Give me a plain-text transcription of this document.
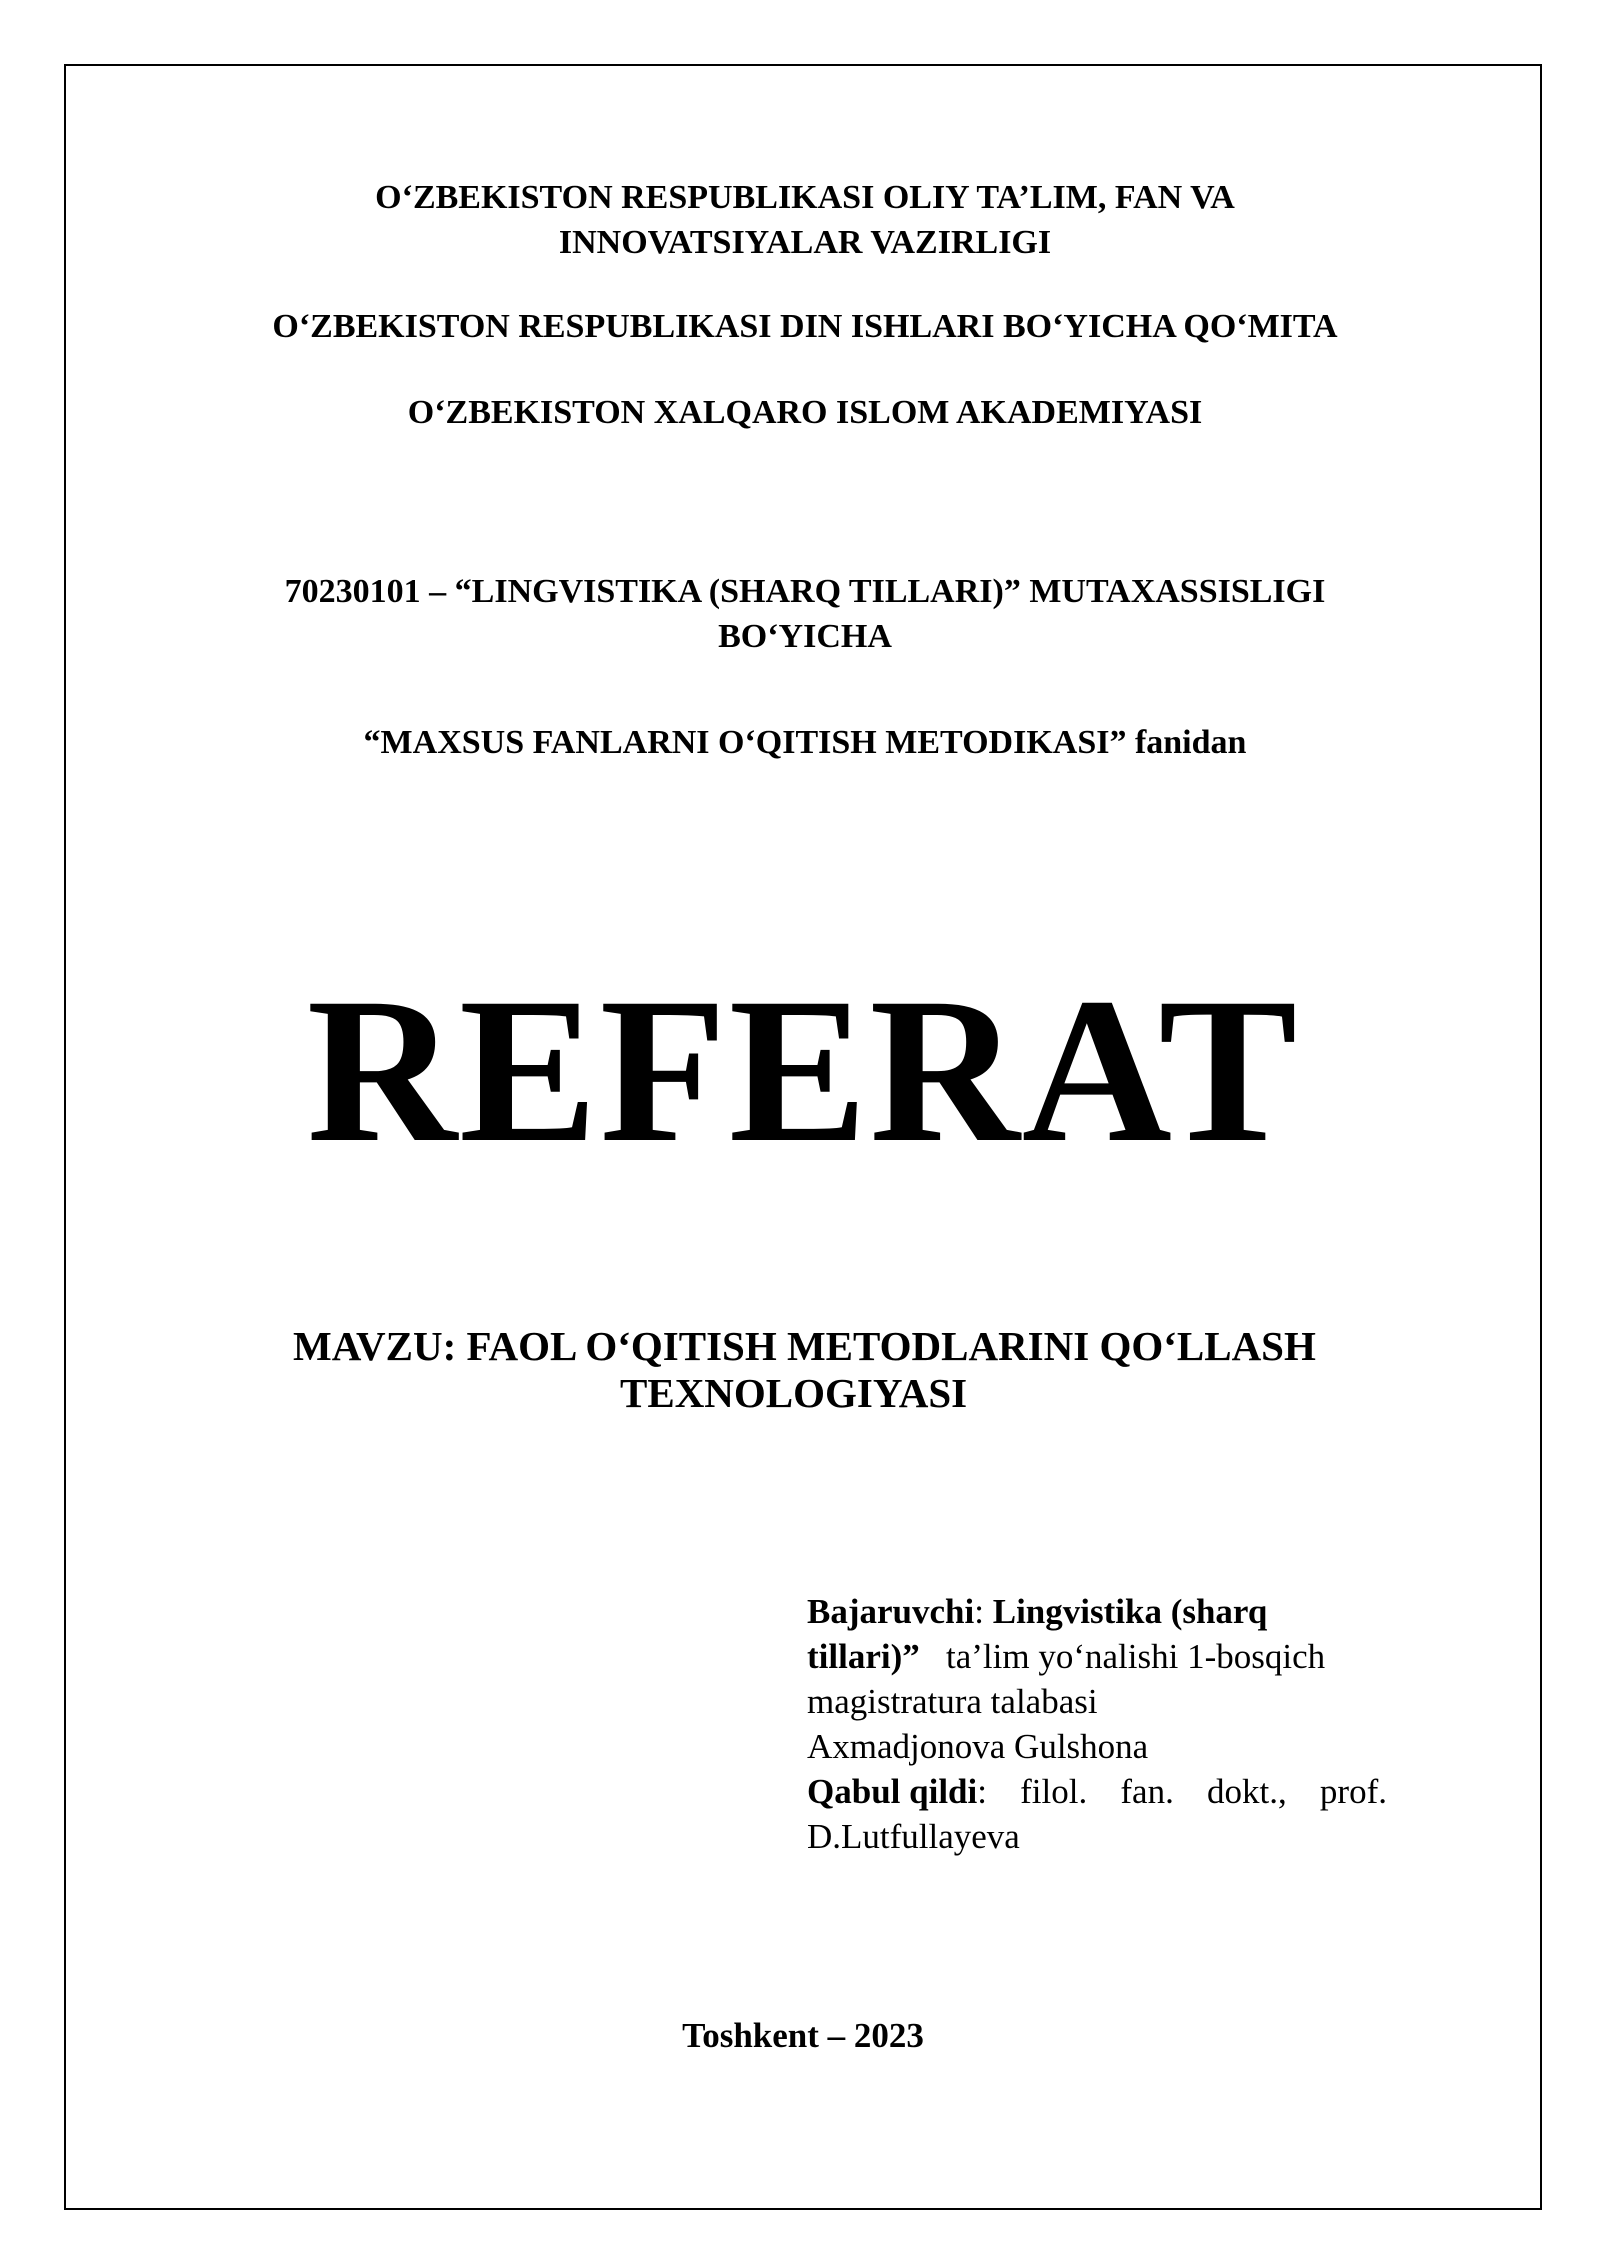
O‘ZBEKISTON RESPUBLIKASI OLIY TA’LIM, FAN VA
INNOVATSIYALAR VAZIRLIGI
O‘ZBEKISTON RESPUBLIKASI DIN ISHLARI BO‘YICHA QO‘MITA
O‘ZBEKISTON XALQARO ISLOM AKADEMIYASI
70230101 – “LINGVISTIKA (SHARQ TILLARI)” MUTAXASSISLIGI
BO‘YICHA
“MAXSUS FANLARNI O‘QITISH METODIKASI” fanidan
REFERAT
MAVZU: FAOL O‘QITISH METODLARINI QO‘LLASH
TEXNOLOGIYASI
Bajaruvchi: Lingvistika (sharq
tillari)” ta’lim yo‘nalishi 1-bosqich
magistratura talabasi
Axmadjonova Gulshona
Qabul qildi: filol. fan. dokt., prof.
D.Lutfullayeva
Toshkent – 2023
